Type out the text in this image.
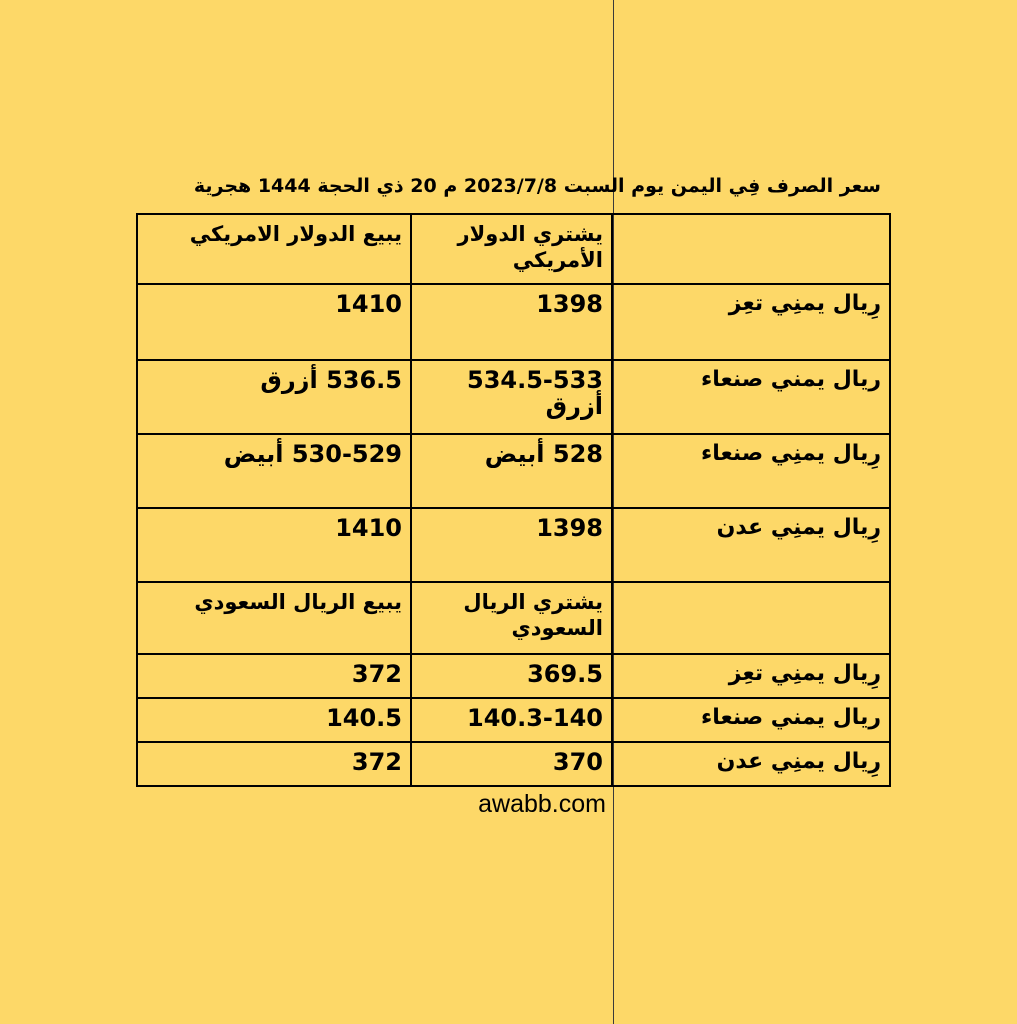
سعر الصرف فِي اليمن يوم السبت 2023/7/8 م 20 ذي الحجة 1444 هجرية
	يشتري الدولار الأمريكي	يبيع الدولار الامريكي
رِيال يمنِي تعِز	1398	1410
ريال يمني صنعاء	534.5-533 أزرق	536.5 أزرق
رِيال يمنِي صنعاء	528 أبيض	530-529 أبيض
رِيال يمنِي عدن	1398	1410
	يشتري الريال السعودي	يبيع الريال السعودي
رِيال يمنِي تعِز	369.5	372
ريال يمني صنعاء	140.3-140	140.5
رِيال يمنِي عدن	370	372
awabb.com
